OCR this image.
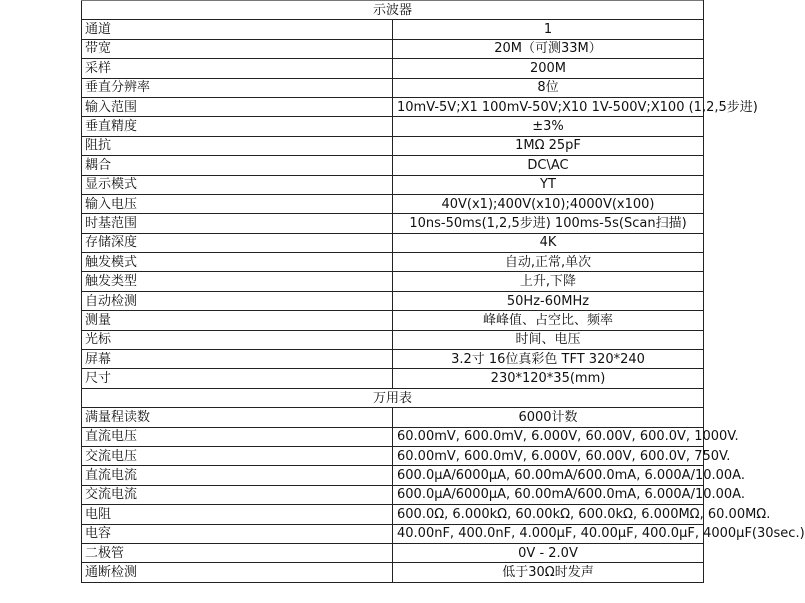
示波器	
通道	1
带宽	20M（可测33M）
采样	200M
垂直分辨率	8位
输入范围	10mV-5V;X1 100mV-50V;X10 1V-500V;X100 (1,2,5步进)
垂直精度	±3%
阻抗	1MΩ 25pF
耦合	DC\AC
显示模式	YT
输入电压	40V(x1);400V(x10);4000V(x100)
时基范围	10ns-50ms(1,2,5步进) 100ms-5s(Scan扫描)
存储深度	4K
触发模式	自动,正常,单次
触发类型	上升,下降
自动检测	50Hz-60MHz
测量	峰峰值、占空比、频率
光标	时间、电压
屏幕	3.2寸 16位真彩色 TFT 320*240
尺寸	230*120*35(mm)
万用表	
满量程读数	6000计数
直流电压	60.00mV, 600.0mV, 6.000V, 60.00V, 600.0V, 1000V.
交流电压	60.00mV, 600.0mV, 6.000V, 60.00V, 600.0V, 750V.
直流电流	600.0μA/6000μA, 60.00mA/600.0mA, 6.000A/10.00A.
交流电流	600.0μA/6000μA, 60.00mA/600.0mA, 6.000A/10.00A.
电阻	600.0Ω, 6.000kΩ, 60.00kΩ, 600.0kΩ, 6.000MΩ, 60.00MΩ.
电容	40.00nF, 400.0nF, 4.000μF, 40.00μF, 400.0μF, 4000μF(30sec.)
二极管	0V - 2.0V
通断检测	低于30Ω时发声
